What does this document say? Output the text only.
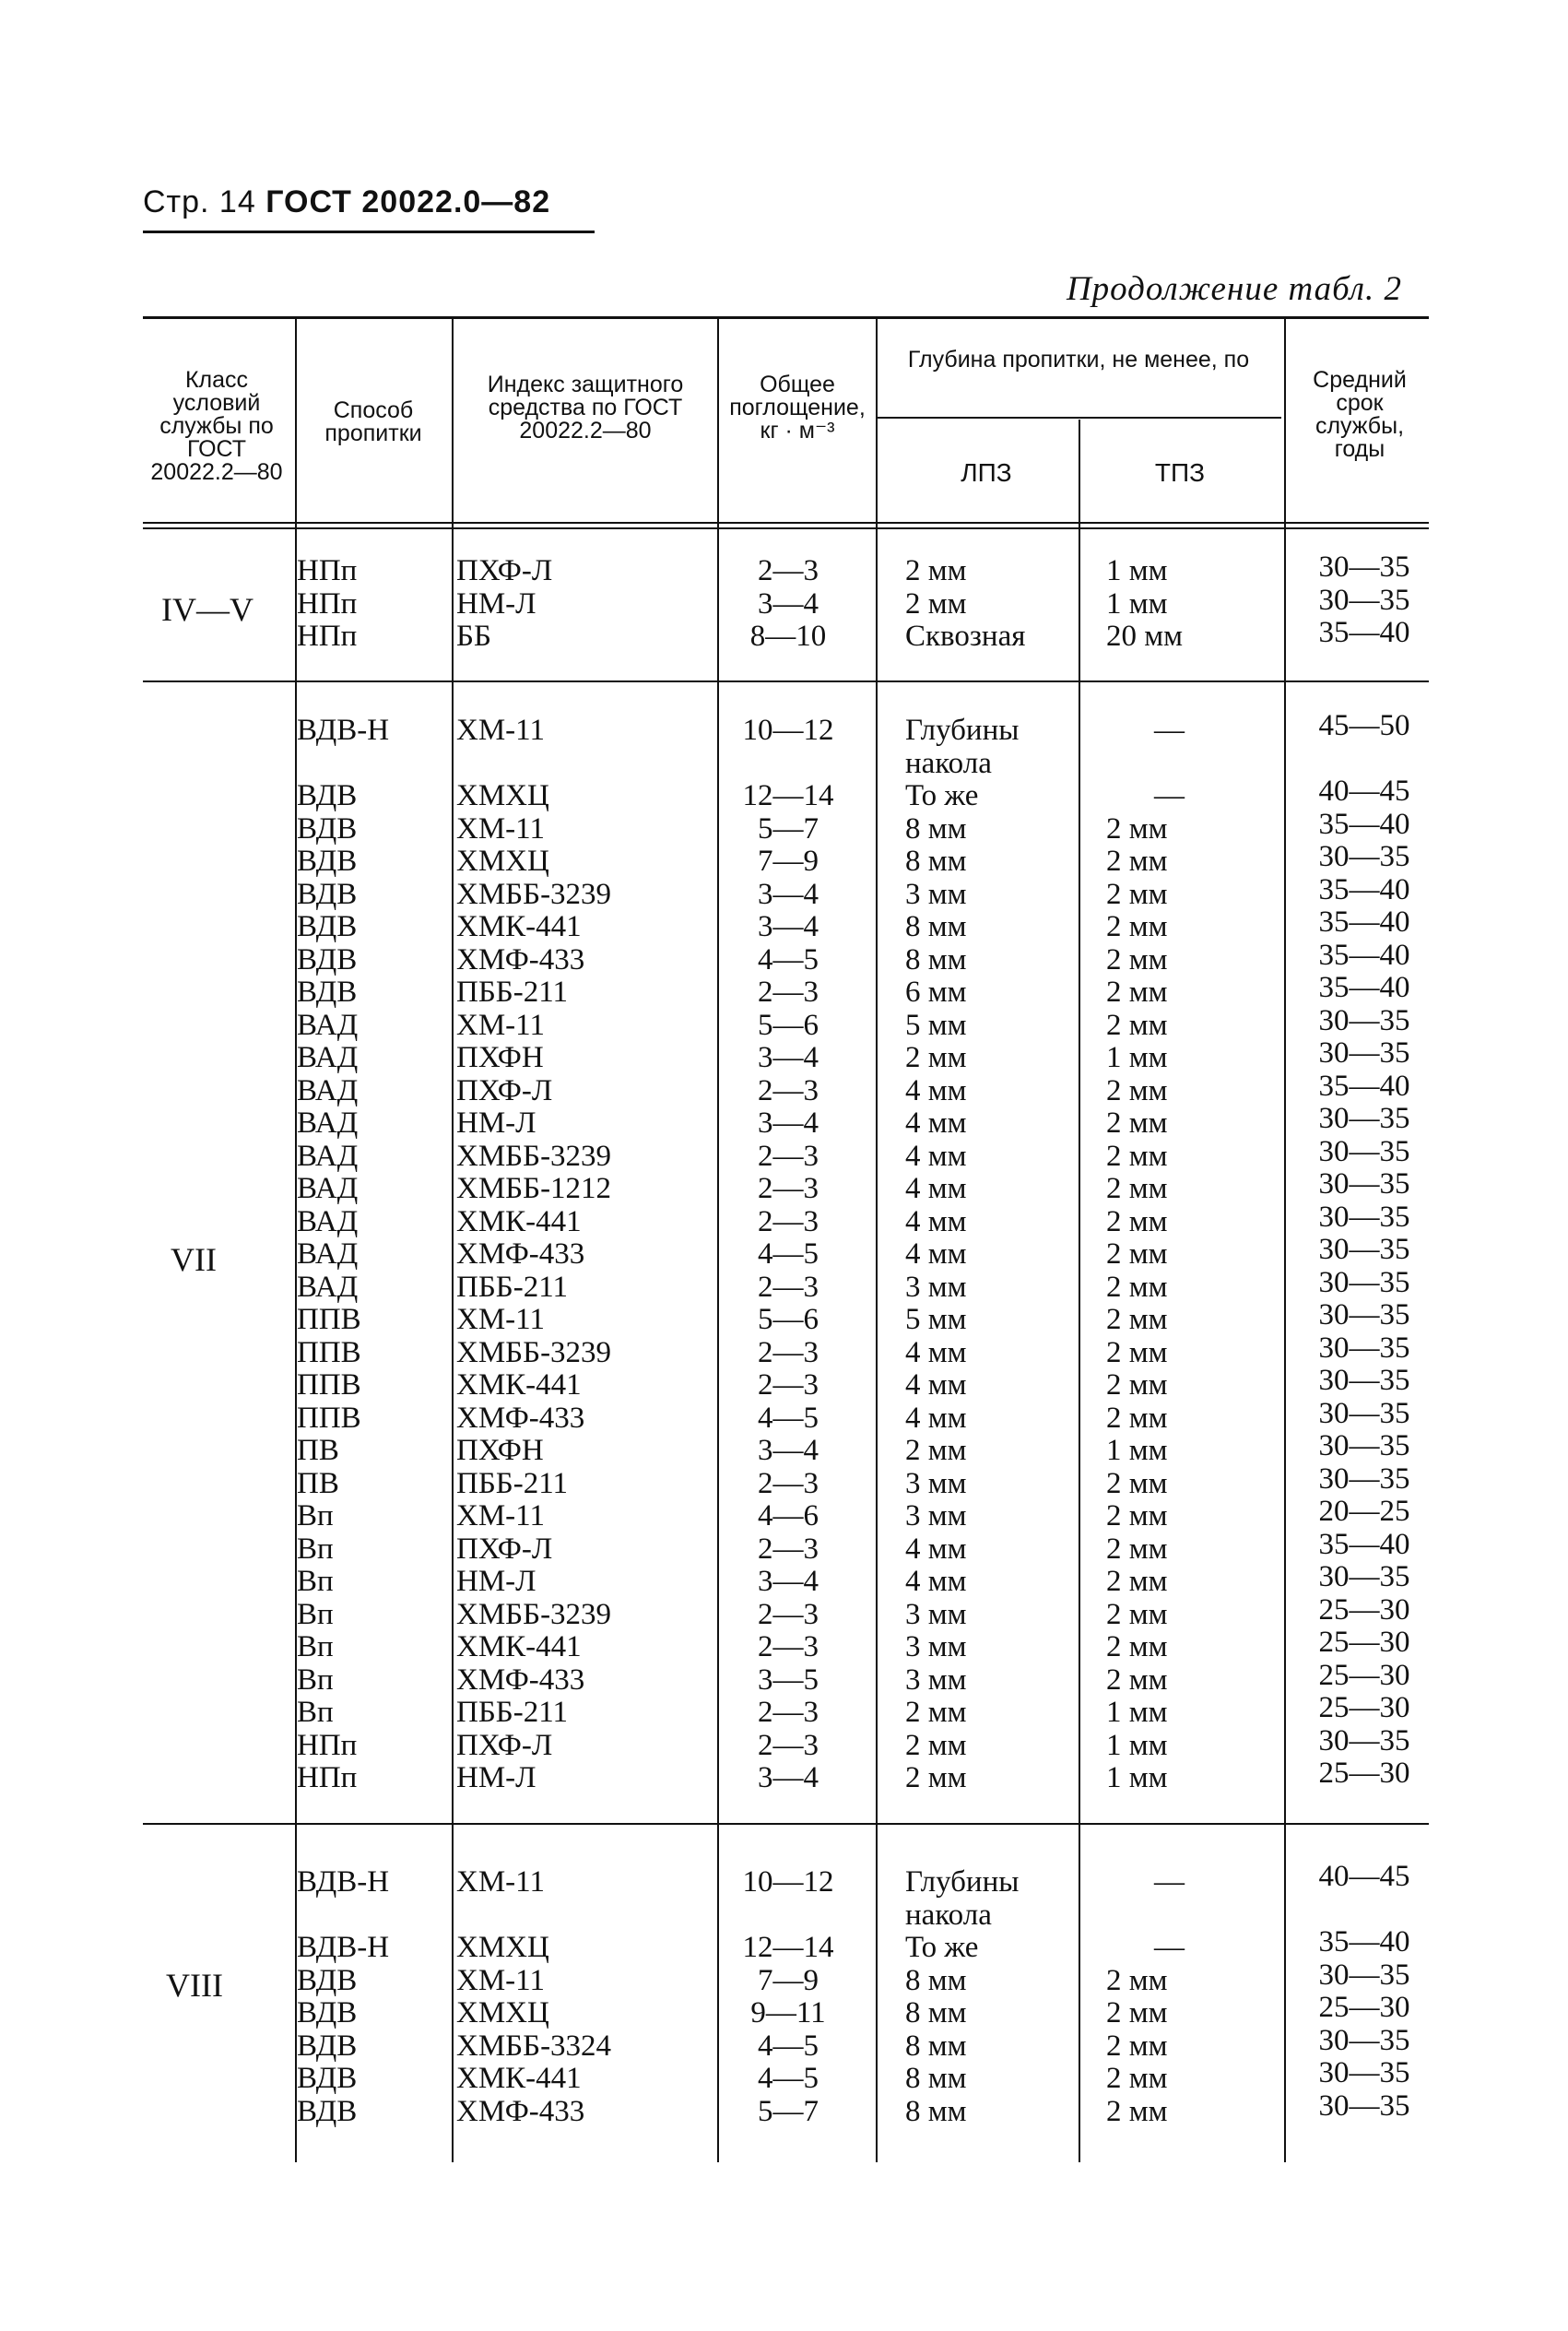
Стр. 14 ГОСТ 20022.0—82
Продолжение табл. 2
Класс условий службы по ГОСТ 20022.2—80
Способ пропитки
Индекс защитного средства по ГОСТ 20022.2—80
Общее поглощение, кг · м⁻³
Глубина пропитки, не менее, по
ЛПЗ	ТПЗ
Средний срок службы, годы
IV—V
НПп
НПп
НПп
ПХФ-Л
НМ-Л
ББ
2—3
3—4
8—10
2 мм
2 мм
Сквозная
1 мм
1 мм
20 мм
30—35
30—35
35—40
VII
ВДВ-Н
ВДВ
ВДВ
ВДВ
ВДВ
ВДВ
ВДВ
ВДВ
ВАД
ВАД
ВАД
ВАД
ВАД
ВАД
ВАД
ВАД
ВАД
ППВ
ППВ
ППВ
ППВ
ПВ
ПВ
Вп
Вп
Вп
Вп
Вп
Вп
Вп
НПп
НПп
ХМ-11
ХМХЦ
ХМ-11
ХМХЦ
ХМББ-3239
ХМК-441
ХМФ-433
ПББ-211
ХМ-11
ПХФН
ПХФ-Л
НМ-Л
ХМББ-3239
ХМББ-1212
ХМК-441
ХМФ-433
ПББ-211
ХМ-11
ХМББ-3239
ХМК-441
ХМФ-433
ПХФН
ПББ-211
ХМ-11
ПХФ-Л
НМ-Л
ХМББ-3239
ХМК-441
ХМФ-433
ПББ-211
ПХФ-Л
НМ-Л
10—12
12—14
5—7
7—9
3—4
3—4
4—5
2—3
5—6
3—4
2—3
3—4
2—3
2—3
2—3
4—5
2—3
5—6
2—3
2—3
4—5
3—4
2—3
4—6
2—3
3—4
2—3
2—3
3—5
2—3
2—3
3—4
Глубины
накола
То же
8 мм
8 мм
3 мм
8 мм
8 мм
6 мм
5 мм
2 мм
4 мм
4 мм
4 мм
4 мм
4 мм
4 мм
3 мм
5 мм
4 мм
4 мм
4 мм
2 мм
3 мм
3 мм
4 мм
4 мм
3 мм
3 мм
3 мм
2 мм
2 мм
2 мм
—
—
2 мм
2 мм
2 мм
2 мм
2 мм
2 мм
2 мм
1 мм
2 мм
2 мм
2 мм
2 мм
2 мм
2 мм
2 мм
2 мм
2 мм
2 мм
2 мм
1 мм
2 мм
2 мм
2 мм
2 мм
2 мм
2 мм
2 мм
1 мм
1 мм
1 мм
45—50
40—45
35—40
30—35
35—40
35—40
35—40
35—40
30—35
30—35
35—40
30—35
30—35
30—35
30—35
30—35
30—35
30—35
30—35
30—35
30—35
30—35
30—35
20—25
35—40
30—35
25—30
25—30
25—30
25—30
30—35
25—30
VIII
ВДВ-Н
ВДВ-Н
ВДВ
ВДВ
ВДВ
ВДВ
ВДВ
ХМ-11
ХМХЦ
ХМ-11
ХМХЦ
ХМББ-3324
ХМК-441
ХМФ-433
10—12
12—14
7—9
9—11
4—5
4—5
5—7
Глубины
накола
То же
8 мм
8 мм
8 мм
8 мм
8 мм
—
—
2 мм
2 мм
2 мм
2 мм
2 мм
40—45
35—40
30—35
25—30
30—35
30—35
30—35
